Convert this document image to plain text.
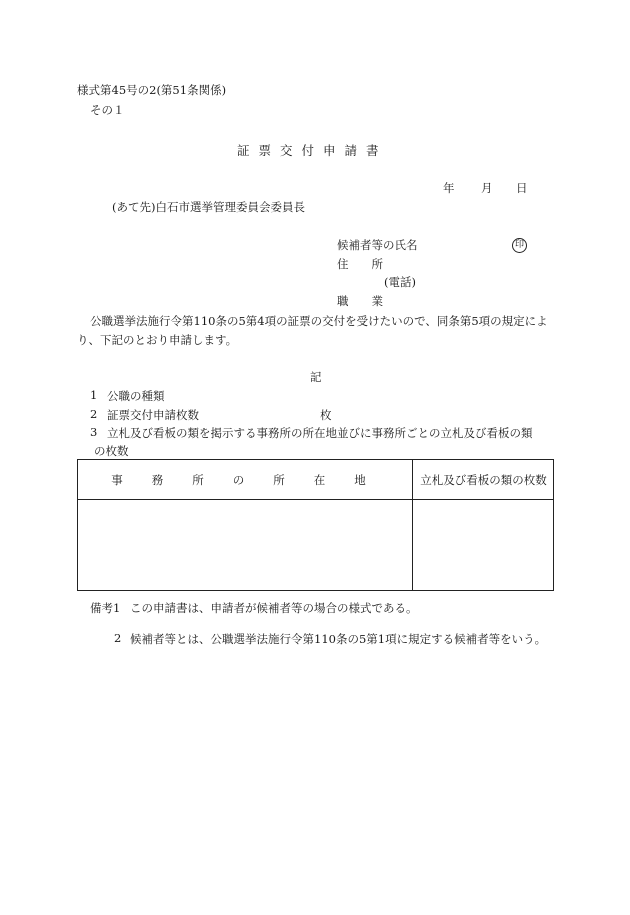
様式第45号の2(第51条関係)
その１
証票交付申請書
年 月 日
(あて先)白石市選挙管理委員会委員長
候補者等の氏名	印
住　　所
(電話)
職　　業
公職選挙法施行令第110条の5第4項の証票の交付を受けたいので、同条第5項の規定によ
り、下記のとおり申請します。
記
1 公職の種類
2 証票交付申請枚数	枚
3 立札及び看板の類を掲示する事務所の所在地並びに事務所ごとの立札及び看板の類
の枚数
事務所の所在地	立札及び看板の類の枚数
備考1 この申請書は、申請者が候補者等の場合の様式である。
2 候補者等とは、公職選挙法施行令第110条の5第1項に規定する候補者等をいう。
